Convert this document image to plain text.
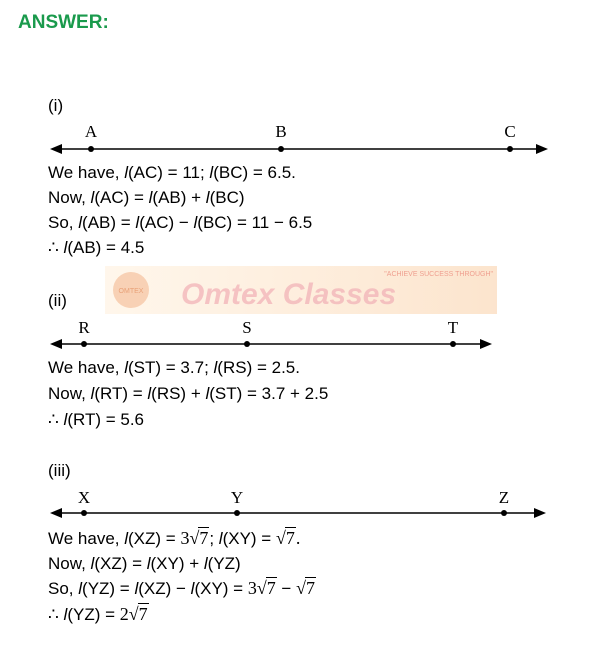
ANSWER:
OMTEX
"ACHIEVE SUCCESS THROUGH"
Omtex Classes
(i)
A	B	C
We have, l(AC) = 11; l(BC) = 6.5.
Now, l(AC) = l(AB) + l(BC)
So, l(AB) = l(AC) − l(BC) = 11 − 6.5
∴ l(AB) = 4.5
(ii)
R	S	T
We have, l(ST) = 3.7; l(RS) = 2.5.
Now, l(RT) = l(RS) + l(ST) = 3.7 + 2.5
∴ l(RT) = 5.6
(iii)
X	Y	Z
We have, l(XZ) = 3√7; l(XY) = √7.
Now, l(XZ) = l(XY) + l(YZ)
So, l(YZ) = l(XZ) − l(XY) = 3√7 − √7
∴ l(YZ) = 2√7
